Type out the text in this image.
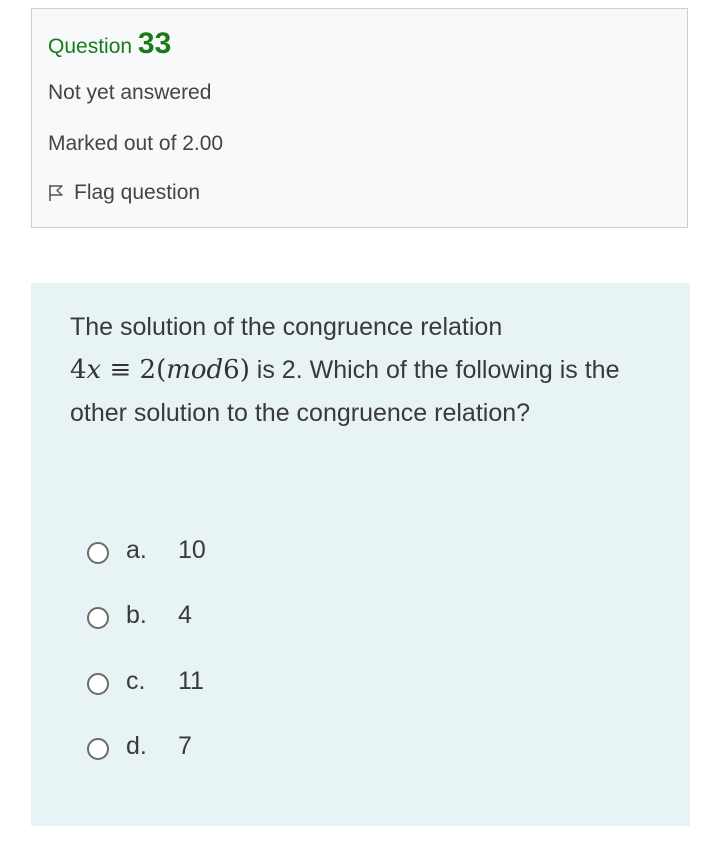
Question 33
Not yet answered
Marked out of 2.00
Flag question
The solution of the congruence relation
4x ≡ 2(mod6) is 2. Which of the following is the other solution to the congruence relation?
a.	10
b.	4
c.	11
d.	7
